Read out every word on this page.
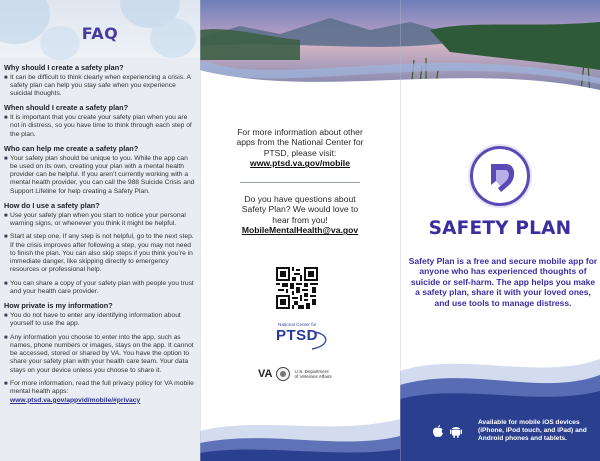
FAQ
Why should I create a safety plan?
■ It can be difficult to think clearly when experiencing a crisis. A safety plan can help you stay safe when you experience suicidal thoughts.
When should I create a safety plan?
■ It is important that you create your safety plan when you are not in distress, so you have time to think through each step of the plan.
Who can help me create a safety plan?
■ Your safety plan should be unique to you. While the app can be used on its own, creating your plan with a mental health provider can be helpful. If you aren’t currently working with a mental health provider, you can call the 988 Suicide Crisis and Support Lifeline for help creating a Safety Plan.
How do I use a safety plan?
■ Use your safety plan when you start to notice your personal warning signs, or whenever you think it might be helpful.
■ Start at step one. If any step is not helpful, go to the next step. If the crisis improves after following a step, you may not need to finish the plan. You can also skip steps if you think you’re in immediate danger, like skipping directly to emergency resources or professional help.
■ You can share a copy of your safety plan with people you trust and your health care provider.
How private is my information?
■ You do not have to enter any identifying information about yourself to use the app.
■ Any information you choose to enter into the app, such as names, phone numbers or images, stays on the app. It cannot be accessed, stored or shared by VA. You have the option to share your safety plan with your health care team. Your data stays on your device unless you choose to share it.
■ For more information, read the full privacy policy for VA mobile mental health apps:
www.ptsd.va.gov/appvid/mobile/#privacy
For more information about other apps from the National Center for PTSD, please visit:
www.ptsd.va.gov/mobile
Do you have questions about Safety Plan? We would love to hear from you!
MobileMentalHealth@va.gov
National Center for
PTSD
VA	U.S. Department
of Veterans Affairs
SAFETY PLAN
Safety Plan is a free and secure mobile app for anyone who has experienced thoughts of suicide or self-harm. The app helps you make a safety plan, share it with your loved ones, and use tools to manage distress.
Available for mobile iOS devices (iPhone, iPod touch, and iPad) and Android phones and tablets.
